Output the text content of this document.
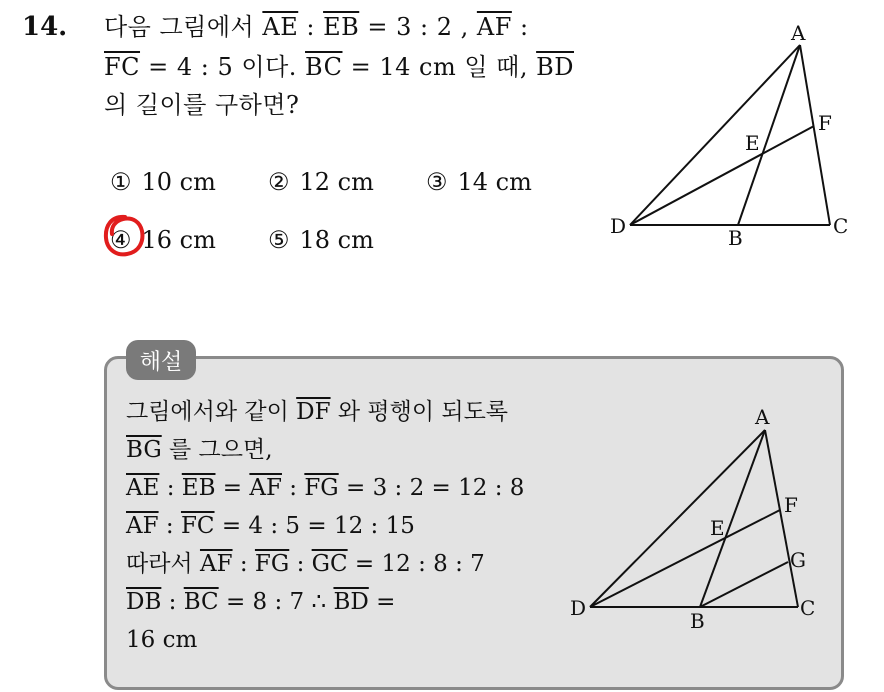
14. 다음 그림에서 $\overline{AE}$ : $\overline{EB} = 3$ : 2 , $\overline{AF}$ :
$\overline{FC} = 4$ : 5 이다. $\overline{BC} = 14$ cm 일 때, $\overline{BD}$
의 길이를 구하면?
① 10 cm ② 12 cm ③ 14 cm
④ 16 cm ⑤ 18 cm
A
D	C
B
E
F
해설
그림에서와 같이 $\overline{DF}$ 와 평행이 되도록
$\overline{BG}$ 를 그으면,
$\overline{AE}$ : $\overline{EB} = \overline{AF}$ : $\overline{FG} = 3$ : 2 = 12 : 8
$\overline{AF}$ : $\overline{FC} = 4$ : 5 = 12 : 15
따라서 $\overline{AF}$ : $\overline{FG}$ : $\overline{GC} = 12$ : 8 : 7
$\overline{DB}$ : $\overline{BC} = 8$ : 7 ∴ $\overline{BD}$ =
16 cm
A
D	C
B
E
F
G
